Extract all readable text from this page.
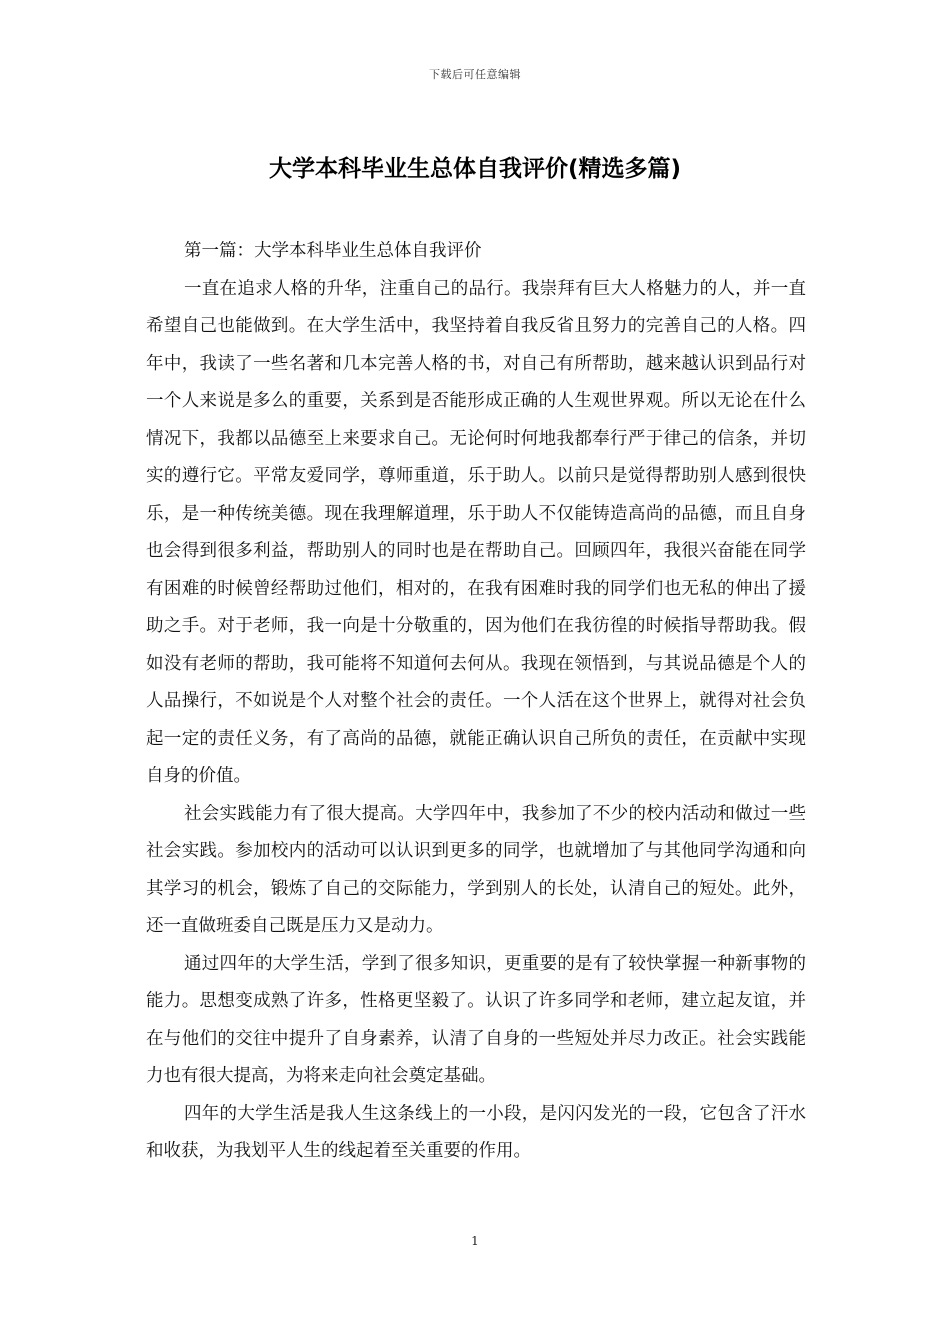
下载后可任意编辑
大学本科毕业生总体自我评价(精选多篇)

第一篇：大学本科毕业生总体自我评价

一直在追求人格的升华，注重自己的品行。我崇拜有巨大人格魅力的人，并一直希望自己也能做到。在大学生活中，我坚持着自我反省且努力的完善自己的人格。四年中，我读了一些名著和几本完善人格的书，对自己有所帮助，越来越认识到品行对一个人来说是多么的重要，关系到是否能形成正确的人生观世界观。所以无论在什么情况下，我都以品德至上来要求自己。无论何时何地我都奉行严于律己的信条，并切实的遵行它。平常友爱同学，尊师重道，乐于助人。以前只是觉得帮助别人感到很快乐，是一种传统美德。现在我理解道理，乐于助人不仅能铸造高尚的品德，而且自身也会得到很多利益，帮助别人的同时也是在帮助自己。回顾四年，我很兴奋能在同学有困难的时候曾经帮助过他们，相对的，在我有困难时我的同学们也无私的伸出了援助之手。对于老师，我一向是十分敬重的，因为他们在我彷徨的时候指导帮助我。假如没有老师的帮助，我可能将不知道何去何从。我现在领悟到，与其说品德是个人的人品操行，不如说是个人对整个社会的责任。一个人活在这个世界上，就得对社会负起一定的责任义务，有了高尚的品德，就能正确认识自己所负的责任，在贡献中实现自身的价值。

社会实践能力有了很大提高。大学四年中，我参加了不少的校内活动和做过一些社会实践。参加校内的活动可以认识到更多的同学，也就增加了与其他同学沟通和向其学习的机会，锻炼了自己的交际能力，学到别人的长处，认清自己的短处。此外，还一直做班委自己既是压力又是动力。

通过四年的大学生活，学到了很多知识，更重要的是有了较快掌握一种新事物的能力。思想变成熟了许多，性格更坚毅了。认识了许多同学和老师，建立起友谊，并在与他们的交往中提升了自身素养，认清了自身的一些短处并尽力改正。社会实践能力也有很大提高，为将来走向社会奠定基础。

四年的大学生活是我人生这条线上的一小段，是闪闪发光的一段，它包含了汗水和收获，为我划平人生的线起着至关重要的作用。

1
